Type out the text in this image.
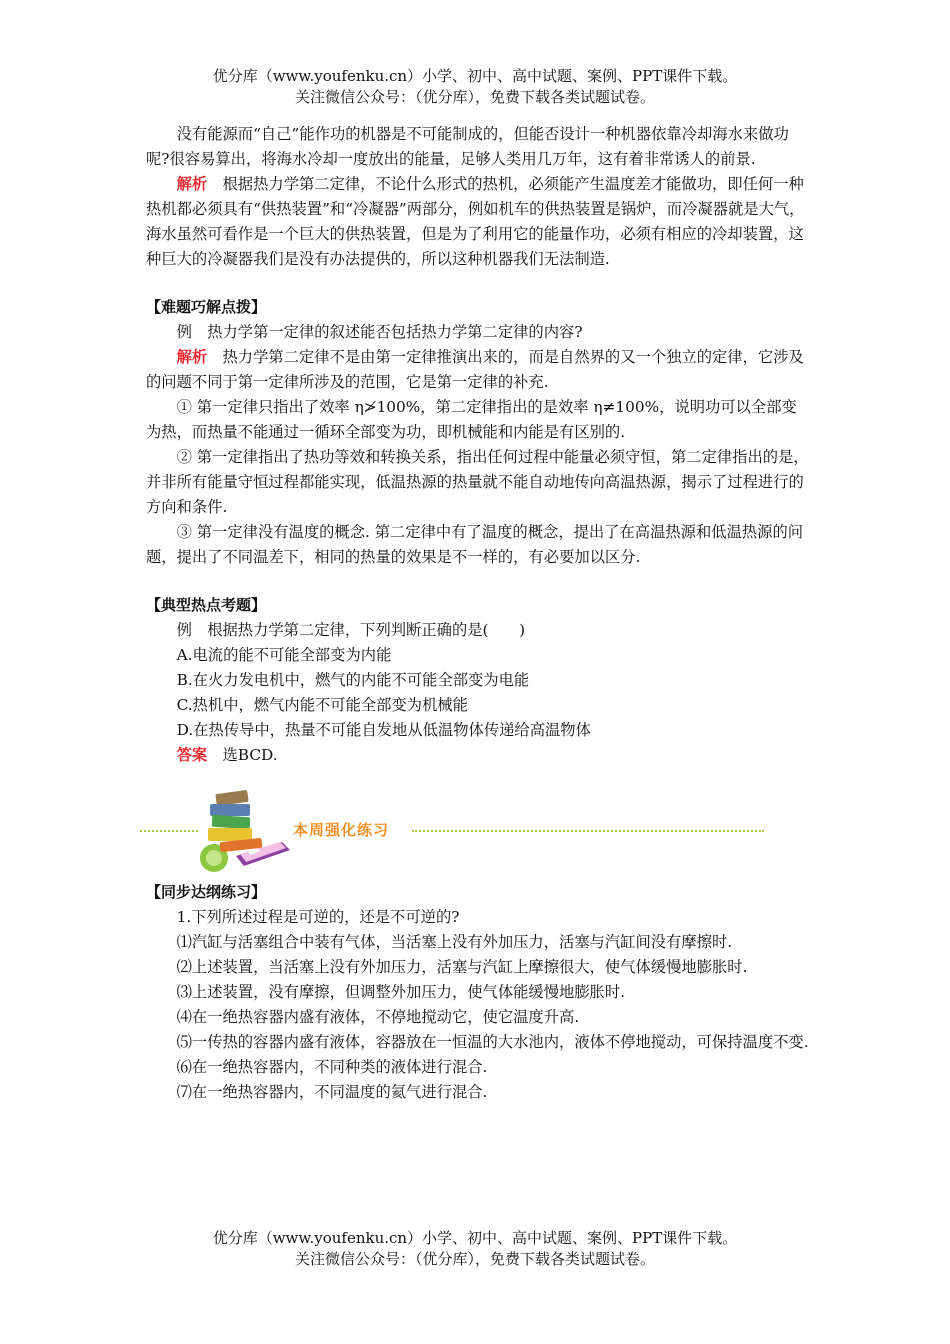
优分库（www.youfenku.cn）小学、初中、高中试题、案例、PPT课件下载。
关注微信公众号：（优分库），免费下载各类试题试卷。

没有能源而“自己”能作功的机器是不可能制成的，但能否设计一种机器依靠冷却海水来做功呢?很容易算出，将海水冷却一度放出的能量，足够人类用几万年，这有着非常诱人的前景.

解析　根据热力学第二定律，不论什么形式的热机，必须能产生温度差才能做功，即任何一种热机都必须具有“供热装置”和“冷凝器”两部分，例如机车的供热装置是锅炉，而冷凝器就是大气，海水虽然可看作是一个巨大的供热装置，但是为了利用它的能量作功，必须有相应的冷却装置，这种巨大的冷凝器我们是没有办法提供的，所以这种机器我们无法制造.

【难题巧解点拨】

例　热力学第一定律的叙述能否包括热力学第二定律的内容?

解析　热力学第二定律不是由第一定律推演出来的，而是自然界的又一个独立的定律，它涉及的问题不同于第一定律所涉及的范围，它是第一定律的补充.

① 第一定律只指出了效率 η≯100%，第二定律指出的是效率 η≠100%，说明功可以全部变为热，而热量不能通过一循环全部变为功，即机械能和内能是有区别的.

② 第一定律指出了热功等效和转换关系，指出任何过程中能量必须守恒，第二定律指出的是，并非所有能量守恒过程都能实现，低温热源的热量就不能自动地传向高温热源，揭示了过程进行的方向和条件.

③ 第一定律没有温度的概念. 第二定律中有了温度的概念，提出了在高温热源和低温热源的问题，提出了不同温差下，相同的热量的效果是不一样的，有必要加以区分.

【典型热点考题】

例　根据热力学第二定律，下列判断正确的是(　　)

A.电流的能不可能全部变为内能

B.在火力发电机中，燃气的内能不可能全部变为电能

C.热机中，燃气内能不可能全部变为机械能

D.在热传导中，热量不可能自发地从低温物体传递给高温物体

答案　选BCD.

本周强化练习

【同步达纲练习】

1.下列所述过程是可逆的，还是不可逆的?

⑴汽缸与活塞组合中装有气体，当活塞上没有外加压力，活塞与汽缸间没有摩擦时.

⑵上述装置，当活塞上没有外加压力，活塞与汽缸上摩擦很大，使气体缓慢地膨胀时.

⑶上述装置，没有摩擦，但调整外加压力，使气体能缓慢地膨胀时.

⑷在一绝热容器内盛有液体，不停地搅动它，使它温度升高.

⑸一传热的容器内盛有液体，容器放在一恒温的大水池内，液体不停地搅动，可保持温度不变.

⑹在一绝热容器内，不同种类的液体进行混合.

⑺在一绝热容器内，不同温度的氦气进行混合.

优分库（www.youfenku.cn）小学、初中、高中试题、案例、PPT课件下载。
关注微信公众号：（优分库），免费下载各类试题试卷。
